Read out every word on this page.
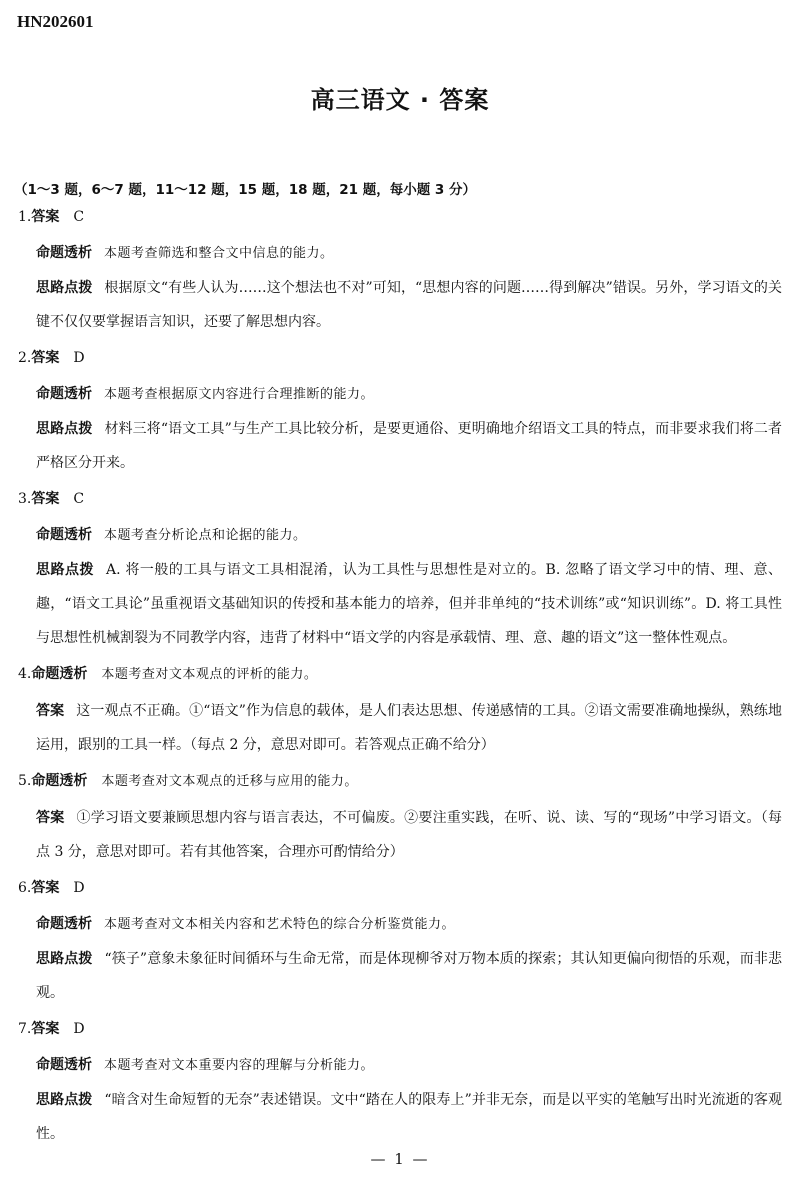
HN202601
高三语文 · 答案
（1～3 题，6～7 题，11～12 题，15 题，18 题，21 题，每小题 3 分）
1.答案 C
命题透析 本题考查筛选和整合文中信息的能力。
思路点拨 根据原文“有些人认为……这个想法也不对”可知，“思想内容的问题……得到解决”错误。另外，学习语文的关键不仅仅要掌握语言知识，还要了解思想内容。
2.答案 D
命题透析 本题考查根据原文内容进行合理推断的能力。
思路点拨 材料三将“语文工具”与生产工具比较分析，是要更通俗、更明确地介绍语文工具的特点，而非要求我们将二者严格区分开来。
3.答案 C
命题透析 本题考查分析论点和论据的能力。
思路点拨 A. 将一般的工具与语文工具相混淆，认为工具性与思想性是对立的。B. 忽略了语文学习中的情、理、意、趣，“语文工具论”虽重视语文基础知识的传授和基本能力的培养，但并非单纯的“技术训练”或“知识训练”。D. 将工具性与思想性机械割裂为不同教学内容，违背了材料中“语文学的内容是承载情、理、意、趣的语文”这一整体性观点。
4.命题透析 本题考查对文本观点的评析的能力。
答案 这一观点不正确。①“语文”作为信息的载体，是人们表达思想、传递感情的工具。②语文需要准确地操纵，熟练地运用，跟别的工具一样。（每点 2 分，意思对即可。若答观点正确不给分）
5.命题透析 本题考查对文本观点的迁移与应用的能力。
答案 ①学习语文要兼顾思想内容与语言表达，不可偏废。②要注重实践，在听、说、读、写的“现场”中学习语文。（每点 3 分，意思对即可。若有其他答案，合理亦可酌情给分）
6.答案 D
命题透析 本题考查对文本相关内容和艺术特色的综合分析鉴赏能力。
思路点拨 “筷子”意象未象征时间循环与生命无常，而是体现柳爷对万物本质的探索；其认知更偏向彻悟的乐观，而非悲观。
7.答案 D
命题透析 本题考查对文本重要内容的理解与分析能力。
思路点拨 “暗含对生命短暂的无奈”表述错误。文中“踏在人的限寿上”并非无奈，而是以平实的笔触写出时光流逝的客观性。
— 1 —
